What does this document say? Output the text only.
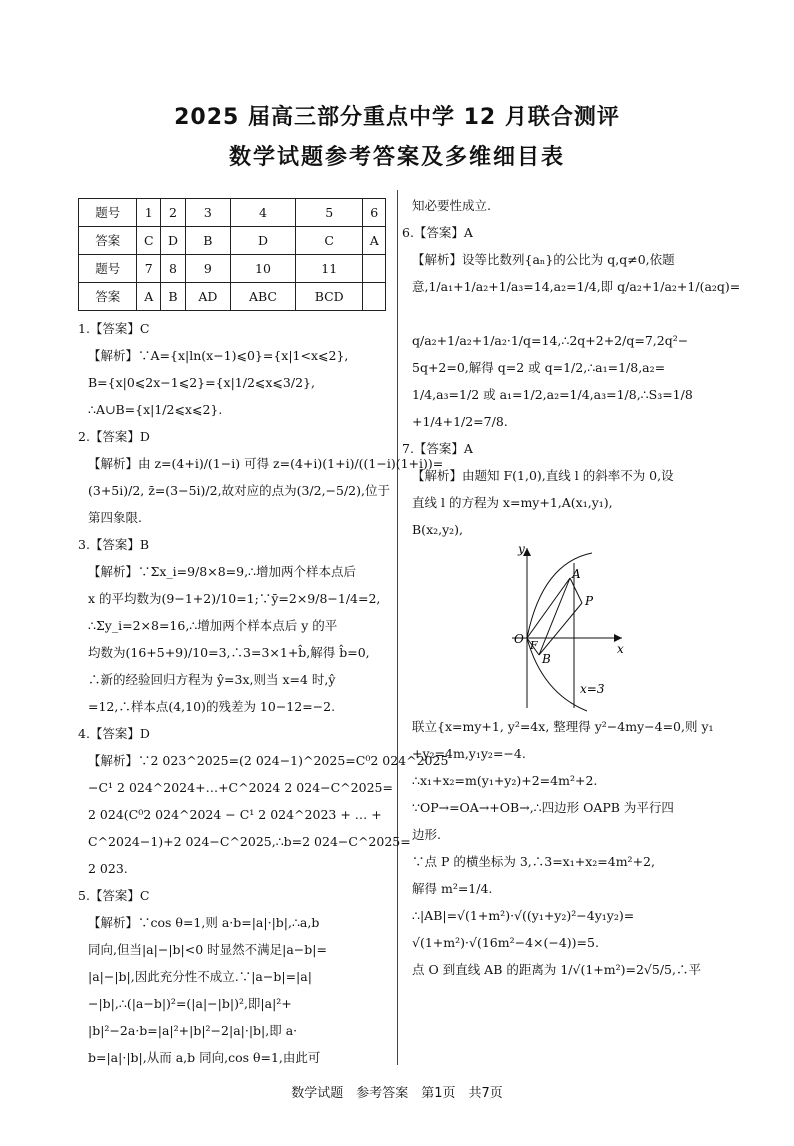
2025 届高三部分重点中学 12 月联合测评
数学试题参考答案及多维细目表
题号	1	2	3	4	5	6
答案	C	D	B	D	C	A
题号	7	8	9	10	11	
答案	A	B	AD	ABC	BCD	
1.【答案】C
【解析】∵A={x|ln(x−1)⩽0}={x|1<x⩽2},
B={x|0⩽2x−1⩽2}={x|1/2⩽x⩽3/2},
∴A∪B={x|1/2⩽x⩽2}.
2.【答案】D
【解析】由 z=(4+i)/(1−i) 可得 z=(4+i)(1+i)/((1−i)(1+i))=
(3+5i)/2, z̄=(3−5i)/2,故对应的点为(3/2,−5/2),位于
第四象限.
3.【答案】B
【解析】∵Σx_i=9/8×8=9,∴增加两个样本点后
x 的平均数为(9−1+2)/10=1;∵ȳ=2×9/8−1/4=2,
∴Σy_i=2×8=16,∴增加两个样本点后 y 的平
均数为(16+5+9)/10=3,∴3=3×1+b̂,解得 b̂=0,
∴新的经验回归方程为 ŷ=3x,则当 x=4 时,ŷ
=12,∴样本点(4,10)的残差为 10−12=−2.
4.【答案】D
【解析】∵2 023^2025=(2 024−1)^2025=C⁰2 024^2025
−C¹ 2 024^2024+…+C^2024 2 024−C^2025=
2 024(C⁰2 024^2024 − C¹ 2 024^2023 + … +
C^2024−1)+2 024−C^2025,∴b=2 024−C^2025=
2 023.
5.【答案】C
【解析】∵cos θ=1,则 a·b=|a|·|b|,∴a,b
同向,但当|a|−|b|<0 时显然不满足|a−b|=
|a|−|b|,因此充分性不成立.∵|a−b|=|a|
−|b|,∴(|a−b|)²=(|a|−|b|)²,即|a|²+
|b|²−2a·b=|a|²+|b|²−2|a|·|b|,即 a·
b=|a|·|b|,从而 a,b 同向,cos θ=1,由此可
知必要性成立.
6.【答案】A
【解析】设等比数列{aₙ}的公比为 q,q≠0,依题
意,1/a₁+1/a₂+1/a₃=14,a₂=1/4,即 q/a₂+1/a₂+1/(a₂q)=

q/a₂+1/a₂+1/a₂·1/q=14,∴2q+2+2/q=7,2q²−
5q+2=0,解得 q=2 或 q=1/2,∴a₁=1/8,a₂=
1/4,a₃=1/2 或 a₁=1/2,a₂=1/4,a₃=1/8,∴S₃=1/8
+1/4+1/2=7/8.
7.【答案】A
【解析】由题知 F(1,0),直线 l 的斜率不为 0,设
直线 l 的方程为 x=my+1,A(x₁,y₁),
B(x₂,y₂),
y
x
O F
A
B
P
x=3
联立{x=my+1, y²=4x, 整理得 y²−4my−4=0,则 y₁
+y₂=4m,y₁y₂=−4.
∴x₁+x₂=m(y₁+y₂)+2=4m²+2.
∵OP→=OA→+OB→,∴四边形 OAPB 为平行四
边形.
∵点 P 的横坐标为 3,∴3=x₁+x₂=4m²+2,
解得 m²=1/4.
∴|AB|=√(1+m²)·√((y₁+y₂)²−4y₁y₂)=
√(1+m²)·√(16m²−4×(−4))=5.
点 O 到直线 AB 的距离为 1/√(1+m²)=2√5/5,∴平
数学试题　参考答案　第1页　共7页
